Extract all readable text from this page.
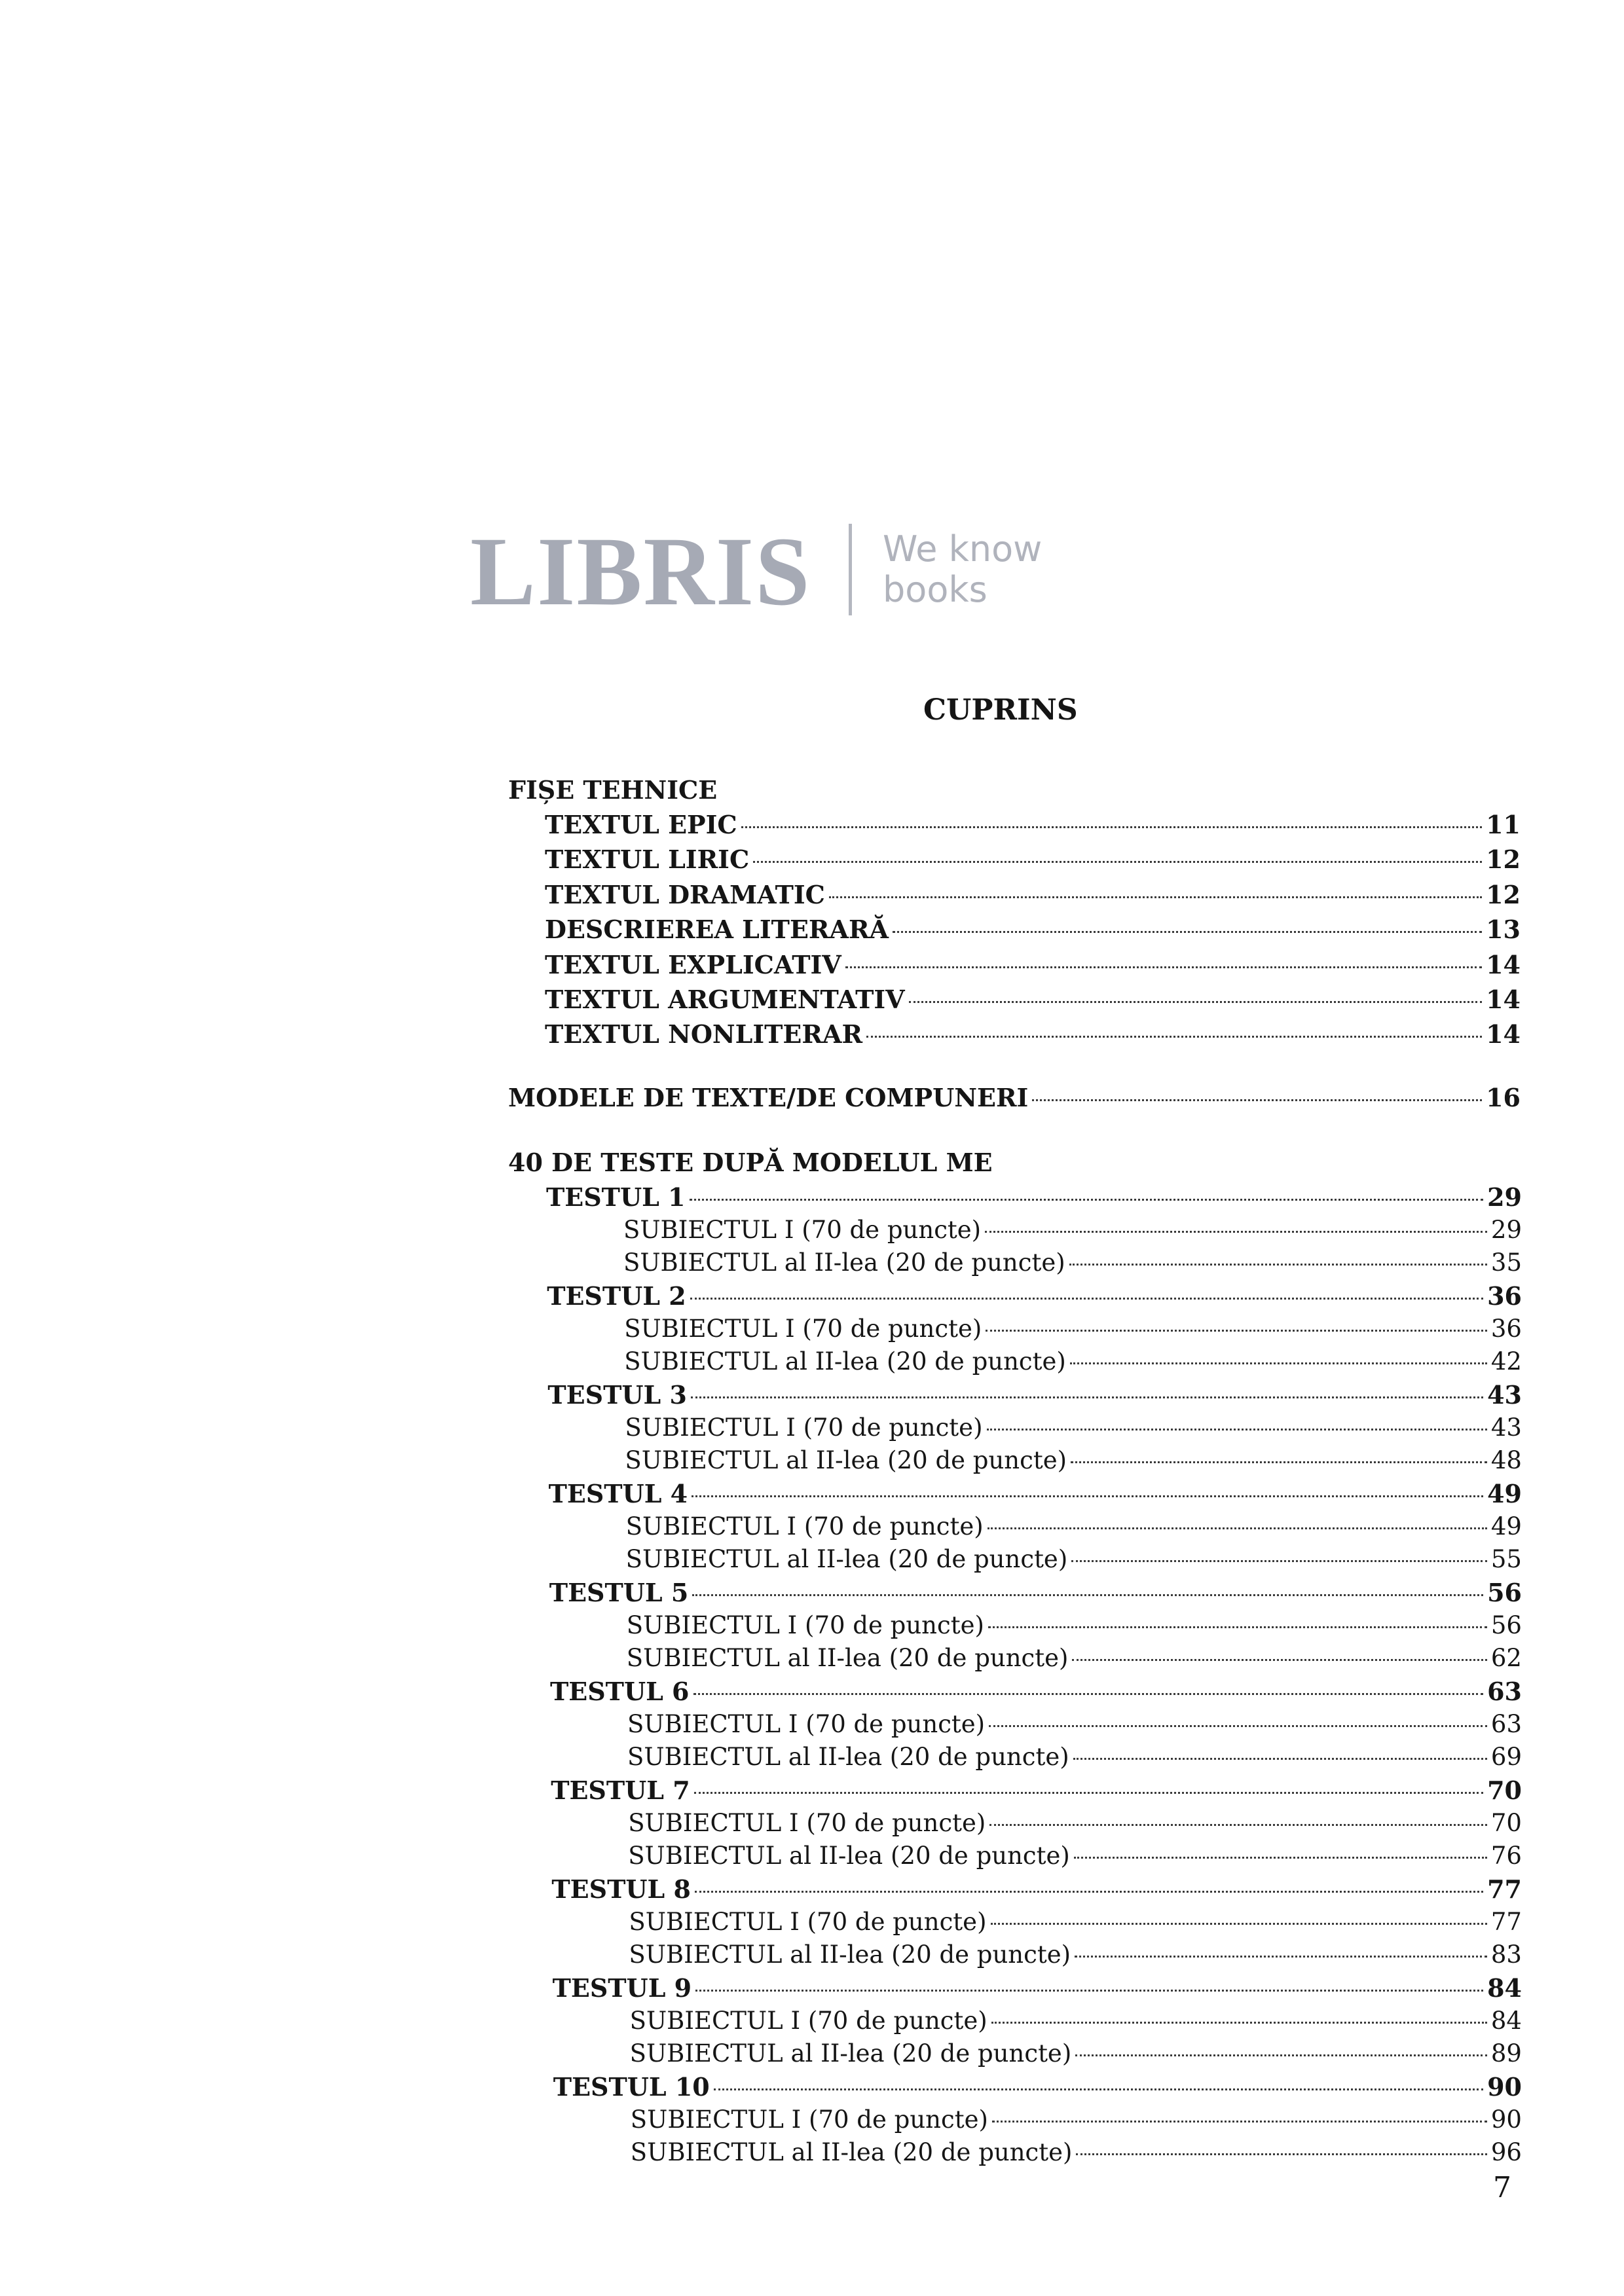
LIBRIS We know
books
CUPRINS
FIȘE TEHNICE
TEXTUL EPIC	11
TEXTUL LIRIC	12
TEXTUL DRAMATIC	12
DESCRIEREA LITERARĂ	13
TEXTUL EXPLICATIV	14
TEXTUL ARGUMENTATIV	14
TEXTUL NONLITERAR	14
MODELE DE TEXTE/DE COMPUNERI	16
40 DE TESTE DUPĂ MODELUL ME
TESTUL 1	29
SUBIECTUL I (70 de puncte)	29
SUBIECTUL al II-lea (20 de puncte)	35
TESTUL 2	36
SUBIECTUL I (70 de puncte)	36
SUBIECTUL al II-lea (20 de puncte)	42
TESTUL 3	43
SUBIECTUL I (70 de puncte)	43
SUBIECTUL al II-lea (20 de puncte)	48
TESTUL 4	49
SUBIECTUL I (70 de puncte)	49
SUBIECTUL al II-lea (20 de puncte)	55
TESTUL 5	56
SUBIECTUL I (70 de puncte)	56
SUBIECTUL al II-lea (20 de puncte)	62
TESTUL 6	63
SUBIECTUL I (70 de puncte)	63
SUBIECTUL al II-lea (20 de puncte)	69
TESTUL 7	70
SUBIECTUL I (70 de puncte)	70
SUBIECTUL al II-lea (20 de puncte)	76
TESTUL 8	77
SUBIECTUL I (70 de puncte)	77
SUBIECTUL al II-lea (20 de puncte)	83
TESTUL 9	84
SUBIECTUL I (70 de puncte)	84
SUBIECTUL al II-lea (20 de puncte)	89
TESTUL 10	90
SUBIECTUL I (70 de puncte)	90
SUBIECTUL al II-lea (20 de puncte)	96
7
